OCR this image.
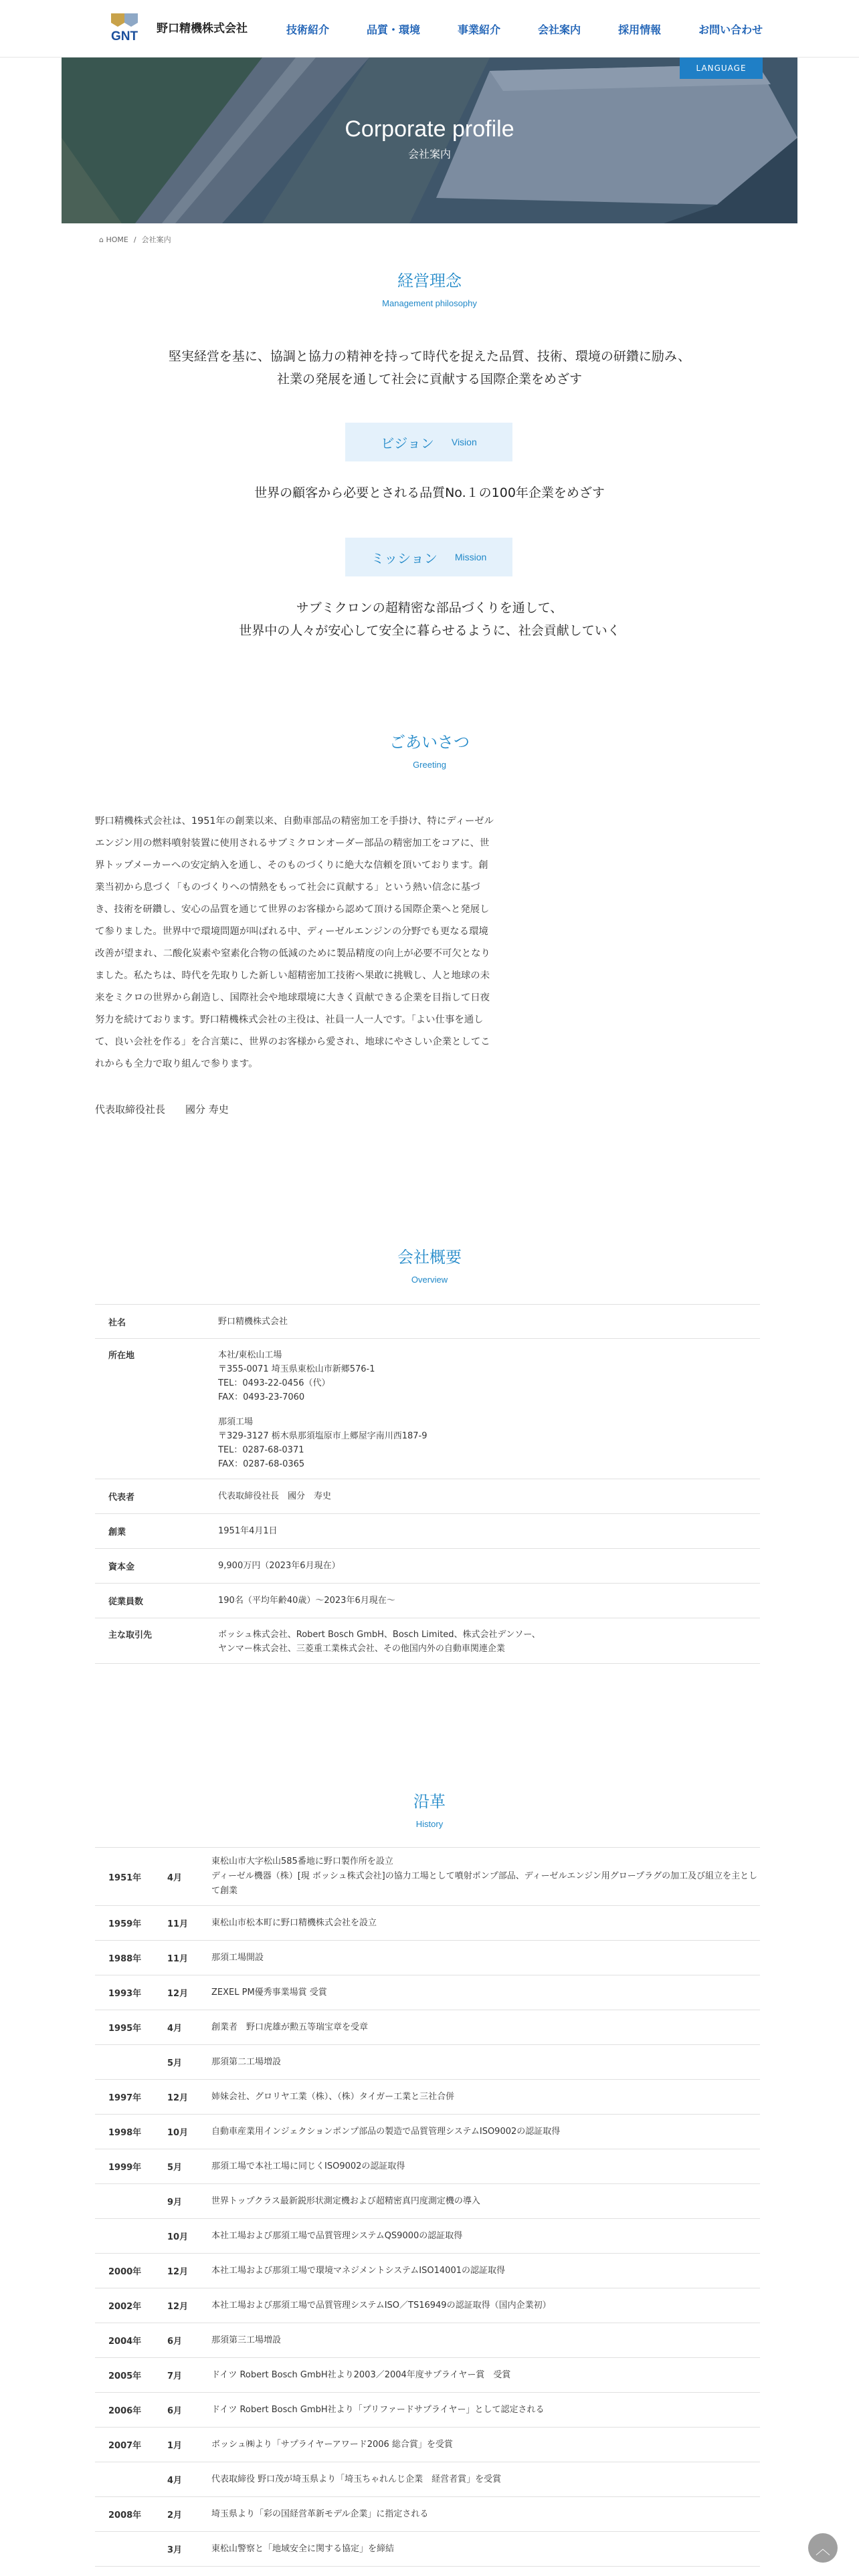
GNT
野口精機株式会社	技術紹介	品質・環境	事業紹介	会社案内	採用情報	お問い合わせ
Corporate profile
会社案内
LANGUAGE
⌂ HOME / 会社案内
経営理念
Management philosophy
堅実経営を基に、協調と協力の精神を持って時代を捉えた品質、技術、環境の研鑽に励み、
社業の発展を通して社会に貢献する国際企業をめざす
ビジョン Vision
世界の顧客から必要とされる品質No.１の100年企業をめざす
ミッション Mission
サブミクロンの超精密な部品づくりを通して、
世界中の人々が安心して安全に暮らせるように、社会貢献していく
ごあいさつ
Greeting
野口精機株式会社は、1951年の創業以来、自動車部品の精密加工を手掛け、特にディーゼルエンジン用の燃料噴射装置に使用されるサブミクロンオーダー部品の精密加工をコアに、世界トップメーカーへの安定納入を通し、そのものづくりに絶大な信頼を頂いております。創業当初から息づく「ものづくりへの情熱をもって社会に貢献する」という熱い信念に基づき、技術を研鑽し、安心の品質を通じて世界のお客様から認めて頂ける国際企業へと発展して参りました。世界中で環境問題が叫ばれる中、ディーゼルエンジンの分野でも更なる環境改善が望まれ、二酸化炭素や窒素化合物の低減のために製品精度の向上が必要不可欠となりました。私たちは、時代を先取りした新しい超精密加工技術へ果敢に挑戦し、人と地球の未来をミクロの世界から創造し、国際社会や地球環境に大きく貢献できる企業を目指して日夜努力を続けております。野口精機株式会社の主役は、社員一人一人です。「よい仕事を通して、良い会社を作る」を合言葉に、世界のお客様から愛され、地球にやさしい企業としてこれからも全力で取り組んで参ります。
代表取締役社長　　國分 寿史
会社概要
Overview
社名	野口精機株式会社
所在地	本社/東松山工場
〒355-0071 埼玉県東松山市新郷576-1
TEL：0493-22-0456（代）
FAX：0493-23-7060
那須工場
〒329-3127 栃木県那須塩原市上郷屋字南川西187-9
TEL：0287-68-0371
FAX：0287-68-0365
代表者	代表取締役社長　國分　寿史
創業	1951年4月1日
資本金	9,900万円（2023年6月現在）
従業員数	190名（平均年齢40歳）～2023年6月現在～
主な取引先	ボッシュ株式会社、Robert Bosch GmbH、Bosch Limited、株式会社デンソー、
ヤンマー株式会社、三菱重工業株式会社、その他国内外の自動車関連企業
沿革
History
1951年	4月
東松山市大字松山585番地に野口製作所を設立
ディーゼル機器（株）[現 ボッシュ株式会社]の協力工場として噴射ポンプ部品、ディーゼルエンジン用グロープラグの加工及び組立を主として創業
1959年	11月	東松山市松本町に野口精機株式会社を設立
1988年	11月	那須工場開設
1993年	12月	ZEXEL PM優秀事業場賞 受賞
1995年	4月	創業者　野口虎雄が勲五等瑞宝章を受章
5月	那須第二工場増設
1997年	12月	姉妹会社、グロリヤ工業（株）、（株）タイガー工業と三社合併
1998年	10月	自動車産業用インジェクションポンプ部品の製造で品質管理システムISO9002の認証取得
1999年	5月	那須工場で本社工場に同じくISO9002の認証取得
9月	世界トップクラス最新鋭形状測定機および超精密真円度測定機の導入
10月	本社工場および那須工場で品質管理システムQS9000の認証取得
2000年	12月	本社工場および那須工場で環境マネジメントシステムISO14001の認証取得
2002年	12月	本社工場および那須工場で品質管理システムISO／TS16949の認証取得（国内企業初）
2004年	6月	那須第三工場増設
2005年	7月	ドイツ Robert Bosch GmbH社より2003／2004年度サプライヤー賞　受賞
2006年	6月	ドイツ Robert Bosch GmbH社より「プリファードサプライヤー」として認定される
2007年	1月	ボッシュ㈱より「サプライヤーアワード2006 総合賞」を受賞
4月	代表取締役 野口茂が埼玉県より「埼玉ちゃれんじ企業　経営者賞」を受賞
2008年	2月	埼玉県より「彩の国経営革新モデル企業」に指定される
3月	東松山警察と「地域安全に関する協定」を締結	︿
